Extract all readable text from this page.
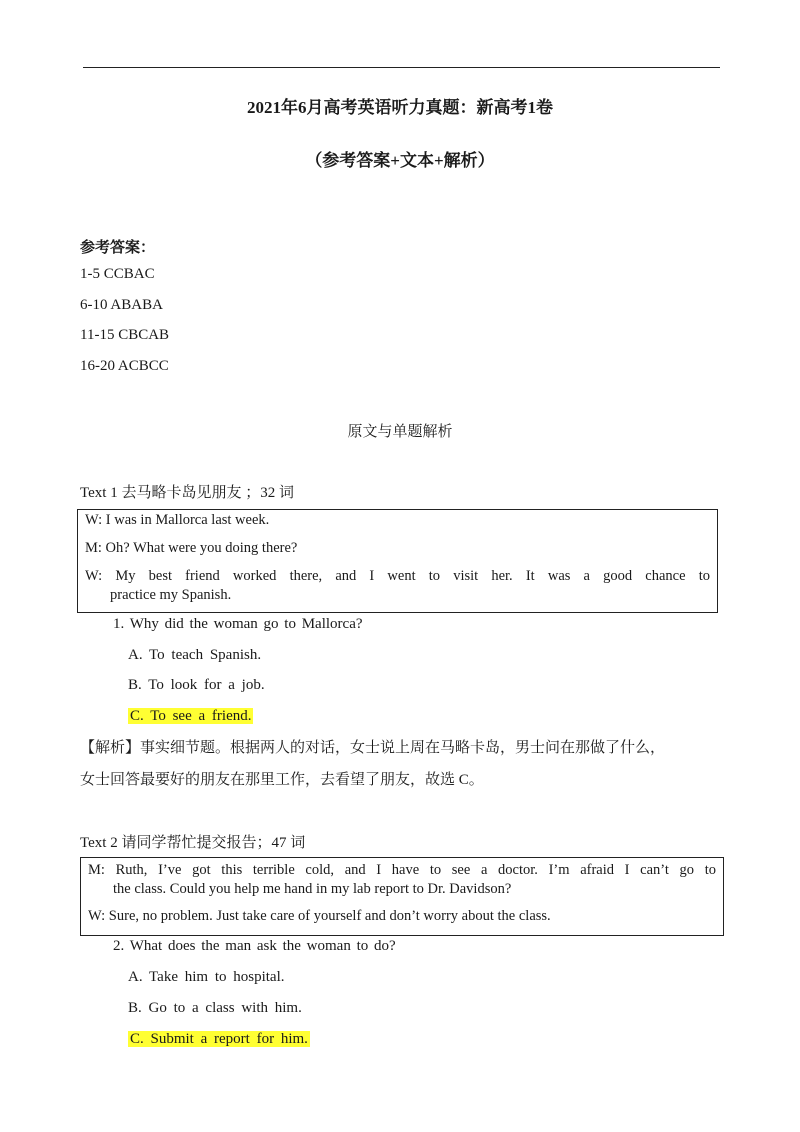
2021年6月高考英语听力真题：新高考1卷
（参考答案+文本+解析）
参考答案：
1-5 CCBAC
6-10 ABABA
11-15 CBCAB
16-20 ACBCC
原文与单题解析
Text 1 去马略卡岛见朋友 ；32 词
W: I was in Mallorca last week.
M: Oh? What were you doing there?
W: My best friend worked there, and I went to visit her. It was a good chance to
practice my Spanish.
1. Why did the woman go to Mallorca?
A. To teach Spanish.
B. To look for a job.
C. To see a friend.
【解析】事实细节题。根据两人的对话，女士说上周在马略卡岛，男士问在那做了什么，
女士回答最要好的朋友在那里工作，去看望了朋友，故选 C。
Text 2 请同学帮忙提交报告；47 词
M: Ruth, I’ve got this terrible cold, and I have to see a doctor. I’m afraid I can’t go to
the class. Could you help me hand in my lab report to Dr. Davidson?
W: Sure, no problem. Just take care of yourself and don’t worry about the class.
2. What does the man ask the woman to do?
A. Take him to hospital.
B. Go to a class with him.
C. Submit a report for him.
